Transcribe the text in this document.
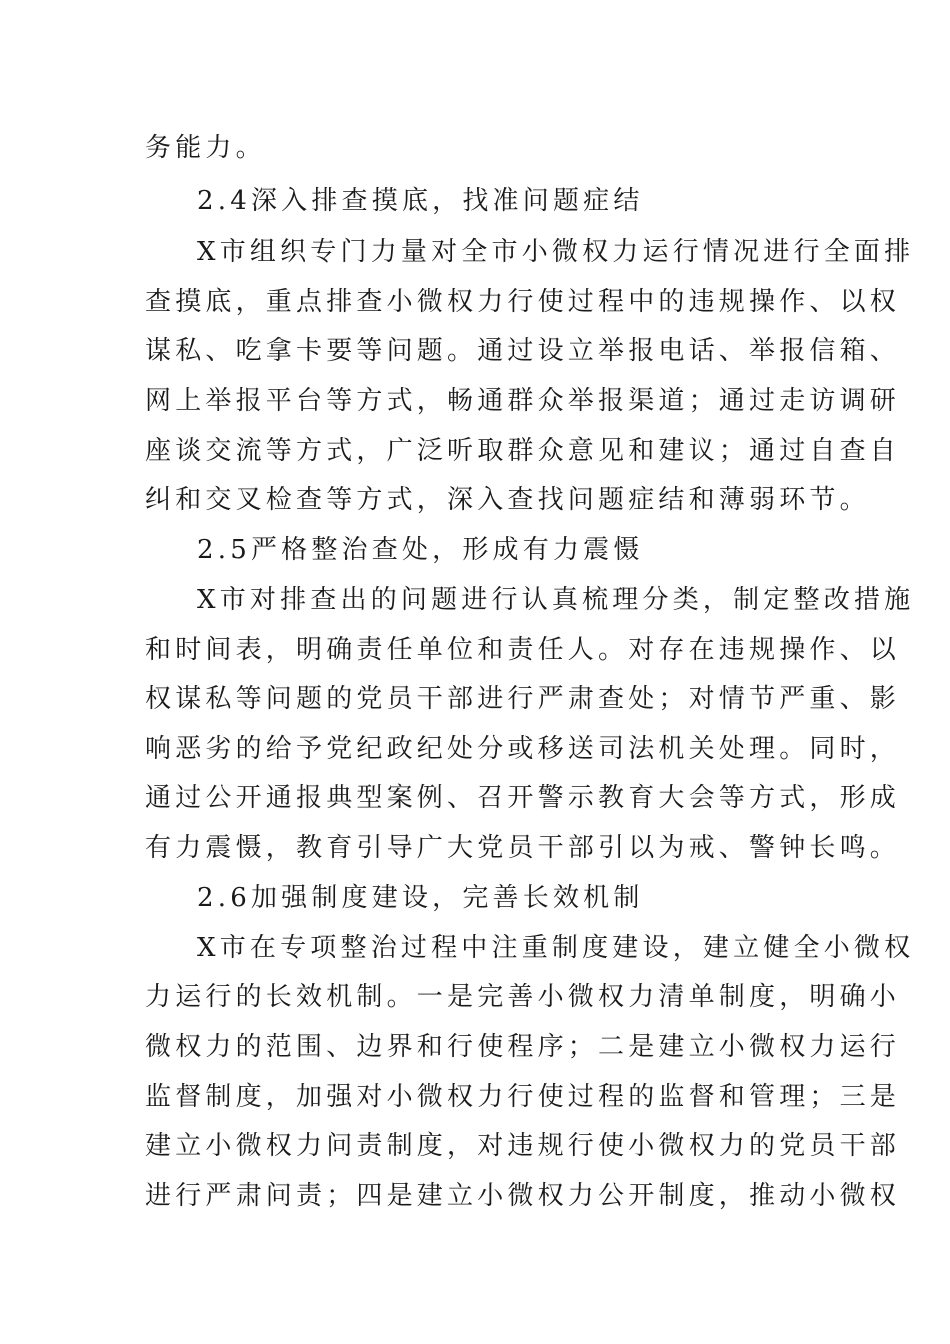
务能力。
2.4深入排查摸底，找准问题症结
X市组织专门力量对全市小微权力运行情况进行全面排
查摸底，重点排查小微权力行使过程中的违规操作、以权
谋私、吃拿卡要等问题。通过设立举报电话、举报信箱、
网上举报平台等方式，畅通群众举报渠道；通过走访调研
座谈交流等方式，广泛听取群众意见和建议；通过自查自
纠和交叉检查等方式，深入查找问题症结和薄弱环节。
2.5严格整治查处，形成有力震慑
X市对排查出的问题进行认真梳理分类，制定整改措施
和时间表，明确责任单位和责任人。对存在违规操作、以
权谋私等问题的党员干部进行严肃查处；对情节严重、影
响恶劣的给予党纪政纪处分或移送司法机关处理。同时，
通过公开通报典型案例、召开警示教育大会等方式，形成
有力震慑，教育引导广大党员干部引以为戒、警钟长鸣。
2.6加强制度建设，完善长效机制
X市在专项整治过程中注重制度建设，建立健全小微权
力运行的长效机制。一是完善小微权力清单制度，明确小
微权力的范围、边界和行使程序；二是建立小微权力运行
监督制度，加强对小微权力行使过程的监督和管理；三是
建立小微权力问责制度，对违规行使小微权力的党员干部
进行严肃问责；四是建立小微权力公开制度，推动小微权
